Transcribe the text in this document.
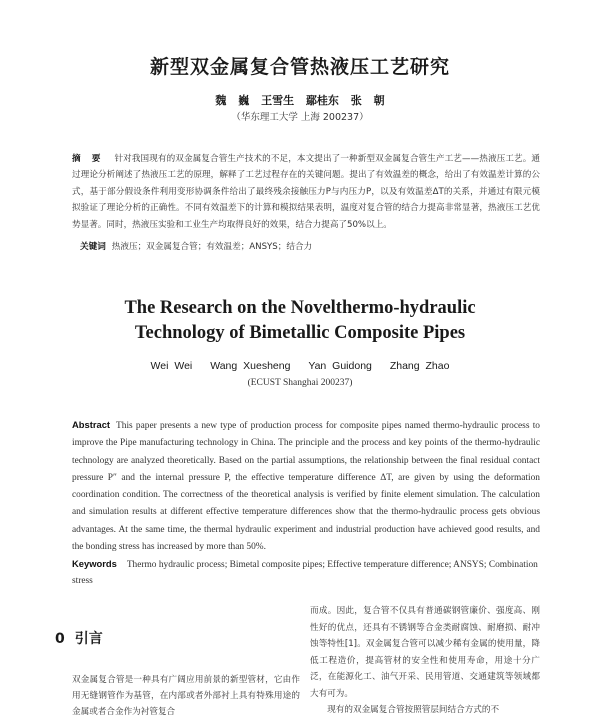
新型双金属复合管热液压工艺研究
魏 巍 王雪生 鄢桂东 张 朝
（华东理工大学 上海 200237）
摘 要 针对我国现有的双金属复合管生产技术的不足，本文提出了一种新型双金属复合管生产工艺——热液压工艺。通过理论分析阐述了热液压工艺的原理，解释了工艺过程存在的关键问题。提出了有效温差的概念，给出了有效温差计算的公式，基于部分假设条件利用变形协调条件给出了最终残余接触压力P与内压力P，以及有效温差ΔT的关系，并通过有限元模拟验证了理论分析的正确性。不同有效温差下的计算和模拟结果表明，温度对复合管的结合力提高非常显著，热液压工艺优势显著。同时，热液压实验和工业生产均取得良好的效果，结合力提高了50%以上。
关键词 热液压；双金属复合管；有效温差；ANSYS；结合力
The Research on the Novelthermo-hydraulic
Technology of Bimetallic Composite Pipes
Wei Wei Wang Xuesheng Yan Guidong Zhang Zhao
(ECUST Shanghai 200237)
Abstract This paper presents a new type of production process for composite pipes named thermo-hydraulic process to improve the Pipe manufacturing technology in China. The principle and the process and key points of the thermo-hydraulic technology are analyzed theoretically. Based on the partial assumptions, the relationship between the final residual contact pressure P″ and the internal pressure P, the effective temperature difference ΔT, are given by using the deformation coordination condition. The correctness of the theoretical analysis is verified by finite element simulation. The calculation and simulation results at different effective temperature differences show that the thermo-hydraulic process gets obvious advantages. At the same time, the thermal hydraulic experiment and industrial production have achieved good results, and the bonding stress has increased by more than 50%.
Keywords Thermo hydraulic process; Bimetal composite pipes; Effective temperature difference; ANSYS; Combination stress
0 引言
双金属复合管是一种具有广阔应用前景的新型管材，它由作用无缝钢管作为基管，在内部或者外部衬上具有特殊用途的金属或者合金作为衬管复合

而成。因此，复合管不仅具有普通碳钢管廉价、强度高、刚性好的优点，还具有不锈钢等合金类耐腐蚀、耐磨损、耐冲蚀等特性[1]。双金属复合管可以减少稀有金属的使用量，降低工程造价，提高管材的安全性和使用寿命，用途十分广泛，在能源化工、油气开采、民用管道、交通建筑等领域都大有可为。

现有的双金属复合管按照管层间结合方式的不
